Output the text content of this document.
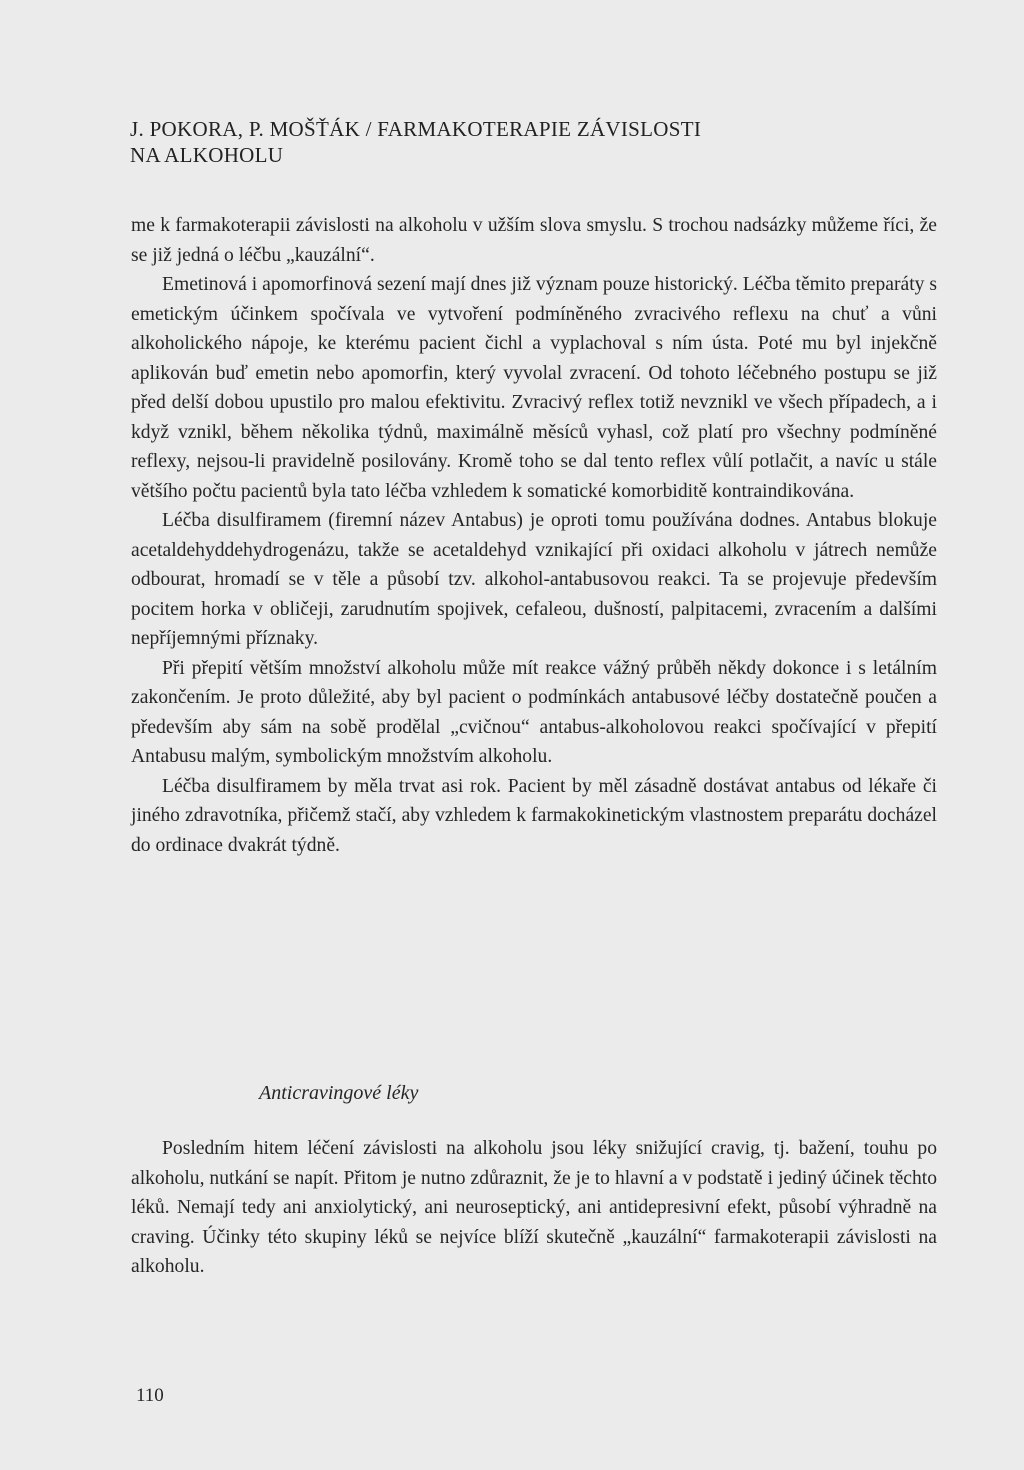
J. POKORA, P. MOŠŤÁK / FARMAKOTERAPIE ZÁVISLOSTI
NA ALKOHOLU

me k farmakoterapii závislosti na alkoholu v užším slova smyslu. S trochou nadsázky můžeme říci, že se již jedná o léčbu „kauzální“.

Emetinová i apomorfinová sezení mají dnes již význam pouze historický. Léčba těmito preparáty s emetickým účinkem spočívala ve vytvoření podmíněného zvracivého reflexu na chuť a vůni alkoholického nápoje, ke kterému pacient čichl a vyplachoval s ním ústa. Poté mu byl injekčně aplikován buď emetin nebo apomorfin, který vyvolal zvracení. Od tohoto léčebného postupu se již před delší dobou upustilo pro malou efektivitu. Zvracivý reflex totiž nevznikl ve všech případech, a i když vznikl, během několika týdnů, maximálně měsíců vyhasl, což platí pro všechny podmíněné reflexy, nejsou-li pravidelně posilovány. Kromě toho se dal tento reflex vůlí potlačit, a navíc u stále většího počtu pacientů byla tato léčba vzhledem k somatické komorbiditě kontraindikována.

Léčba disulfiramem (firemní název Antabus) je oproti tomu používána dodnes. Antabus blokuje acetaldehyddehydrogenázu, takže se acetaldehyd vznikající při oxidaci alkoholu v játrech nemůže odbourat, hromadí se v těle a působí tzv. alkohol-antabusovou reakci. Ta se projevuje především pocitem horka v obličeji, zarudnutím spojivek, cefaleou, dušností, palpitacemi, zvracením a dalšími nepříjemnými příznaky.

Při přepití větším množství alkoholu může mít reakce vážný průběh někdy dokonce i s letálním zakončením. Je proto důležité, aby byl pacient o podmínkách antabusové léčby dostatečně poučen a především aby sám na sobě prodělal „cvičnou“ antabus-alkoholovou reakci spočívající v přepití Antabusu malým, symbolickým množstvím alkoholu.

Léčba disulfiramem by měla trvat asi rok. Pacient by měl zásadně dostávat antabus od lékaře či jiného zdravotníka, přičemž stačí, aby vzhledem k farmakokinetickým vlastnostem preparátu docházel do ordinace dvakrát týdně.

Anticravingové léky

Posledním hitem léčení závislosti na alkoholu jsou léky snižující cravig, tj. bažení, touhu po alkoholu, nutkání se napít. Přitom je nutno zdůraznit, že je to hlavní a v podstatě i jediný účinek těchto léků. Nemají tedy ani anxiolytický, ani neuroseptický, ani antidepresivní efekt, působí výhradně na craving. Účinky této skupiny léků se nejvíce blíží skutečně „kauzální“ farmakoterapii závislosti na alkoholu.

110
